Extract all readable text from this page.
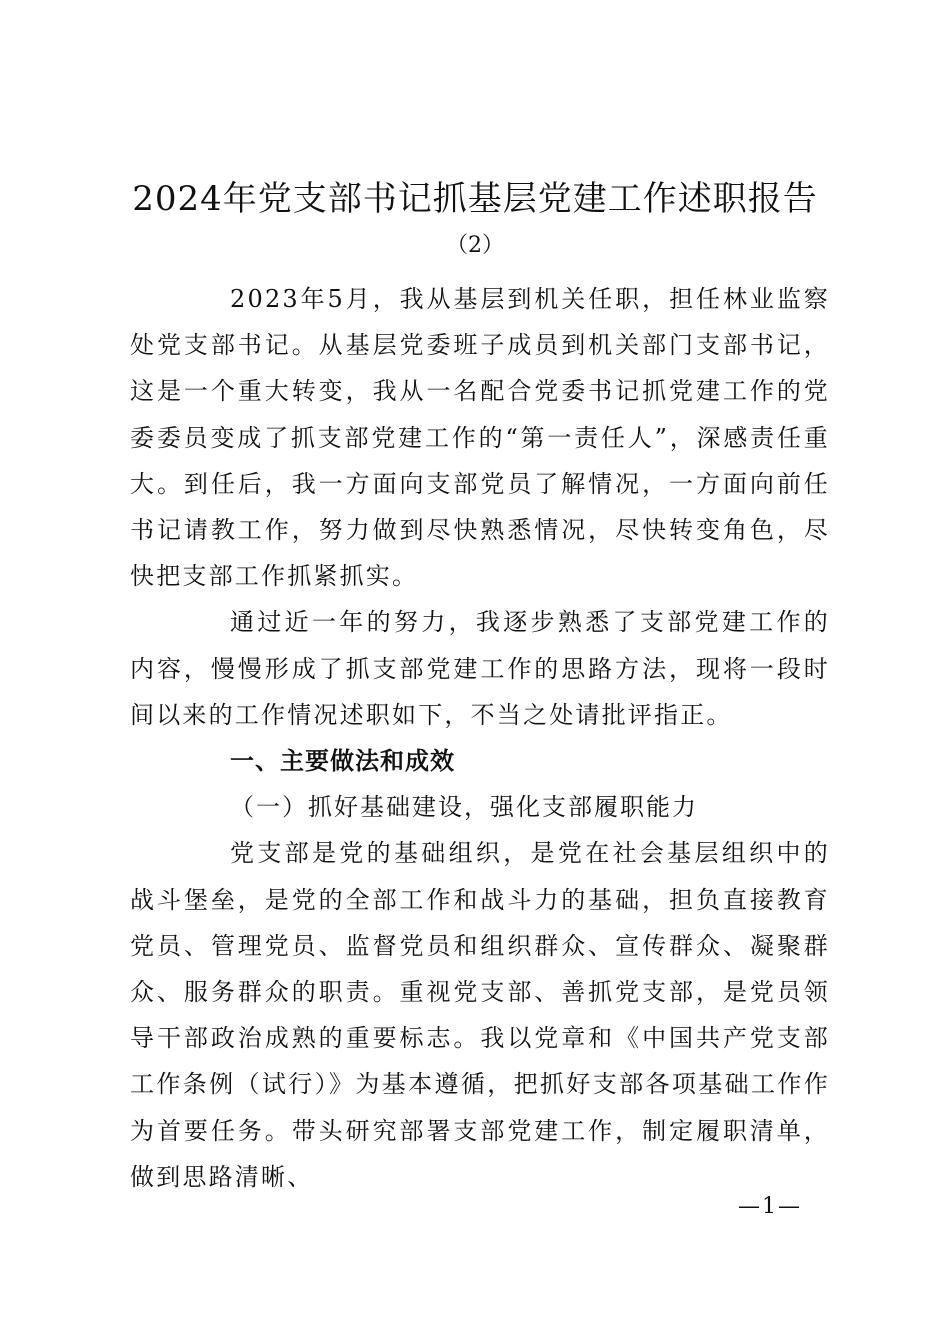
2024年党支部书记抓基层党建工作述职报告
（2）

2023年5月，我从基层到机关任职，担任林业监察处党支部书记。从基层党委班子成员到机关部门支部书记，这是一个重大转变，我从一名配合党委书记抓党建工作的党委委员变成了抓支部党建工作的“第一责任人”，深感责任重大。到任后，我一方面向支部党员了解情况，一方面向前任书记请教工作，努力做到尽快熟悉情况，尽快转变角色，尽快把支部工作抓紧抓实。

通过近一年的努力，我逐步熟悉了支部党建工作的内容，慢慢形成了抓支部党建工作的思路方法，现将一段时间以来的工作情况述职如下，不当之处请批评指正。

一、主要做法和成效

（一）抓好基础建设，强化支部履职能力

党支部是党的基础组织，是党在社会基层组织中的战斗堡垒，是党的全部工作和战斗力的基础，担负直接教育党员、管理党员、监督党员和组织群众、宣传群众、凝聚群众、服务群众的职责。重视党支部、善抓党支部，是党员领导干部政治成熟的重要标志。我以党章和《中国共产党支部工作条例（试行）》为基本遵循，把抓好支部各项基础工作作为首要任务。带头研究部署支部党建工作，制定履职清单，做到思路清晰、

—1—
